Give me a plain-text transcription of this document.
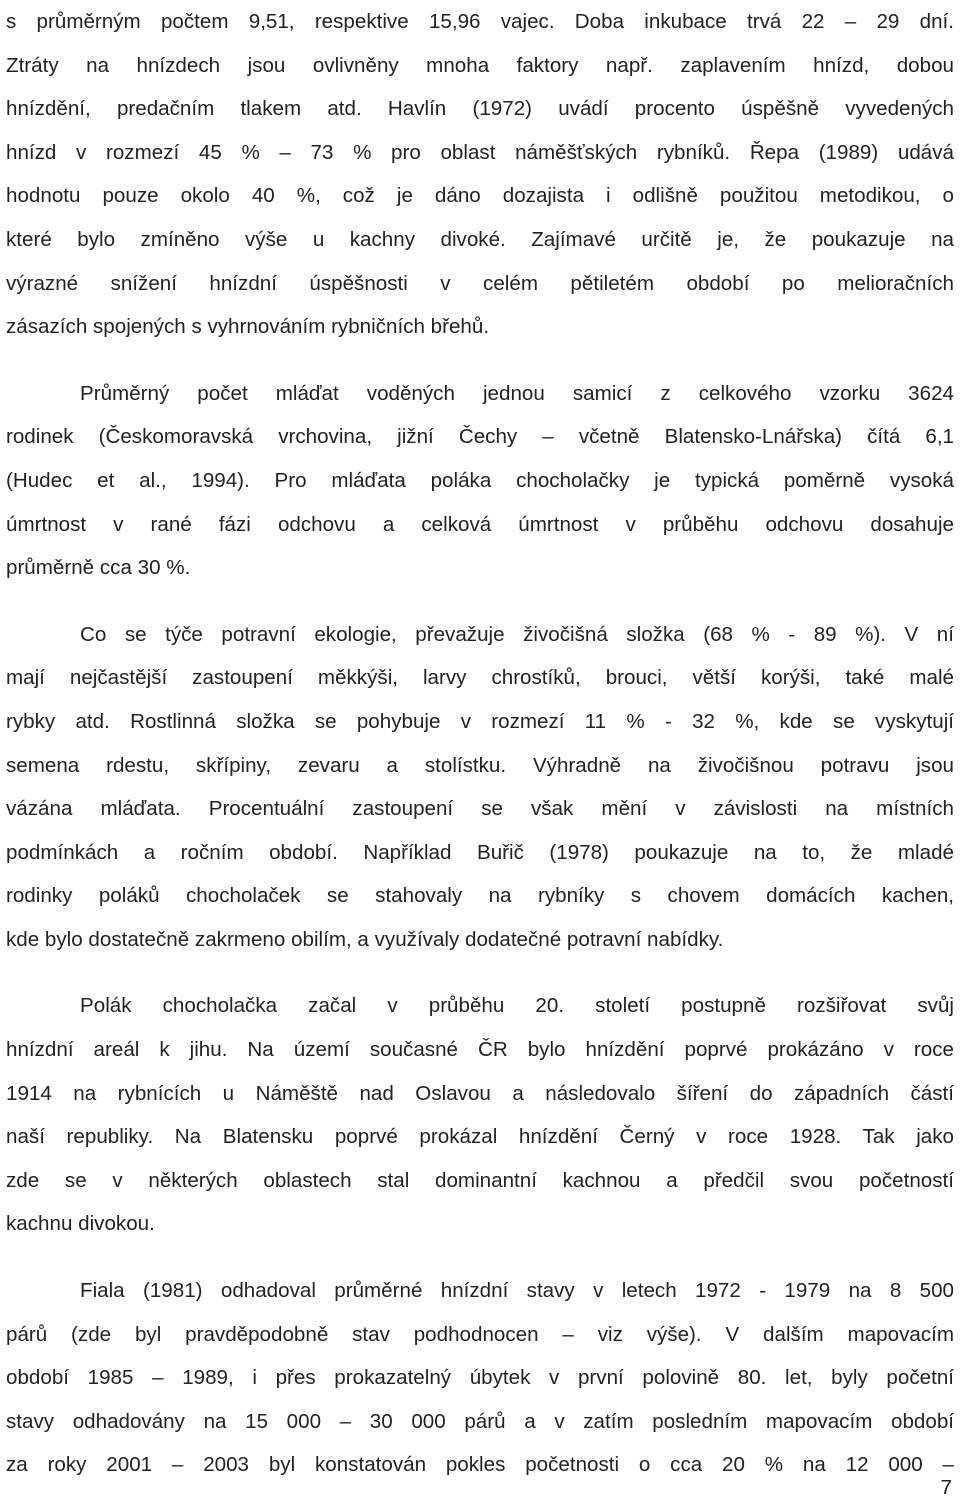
s průměrným počtem 9,51, respektive 15,96 vajec. Doba inkubace trvá 22 – 29 dní.
Ztráty na hnízdech jsou ovlivněny mnoha faktory např. zaplavením hnízd, dobou
hnízdění, predačním tlakem atd. Havlín (1972) uvádí procento úspěšně vyvedených
hnízd v rozmezí 45 % – 73 % pro oblast náměšťských rybníků. Řepa (1989) udává
hodnotu pouze okolo 40 %, což je dáno dozajista i odlišně použitou metodikou, o
které bylo zmíněno výše u kachny divoké. Zajímavé určitě je, že poukazuje na
výrazné snížení hnízdní úspěšnosti v celém pětiletém období po melioračních
zásazích spojených s vyhrnováním rybničních břehů.
Průměrný počet mláďat voděných jednou samicí z celkového vzorku 3624
rodinek (Českomoravská vrchovina, jižní Čechy – včetně Blatensko-Lnářska) čítá 6,1
(Hudec et al., 1994). Pro mláďata poláka chocholačky je typická poměrně vysoká
úmrtnost v rané fázi odchovu a celková úmrtnost v průběhu odchovu dosahuje
průměrně cca 30 %.
Co se týče potravní ekologie, převažuje živočišná složka (68 % - 89 %). V ní
mají nejčastější zastoupení měkkýši, larvy chrostíků, brouci, větší korýši, také malé
rybky atd. Rostlinná složka se pohybuje v rozmezí 11 % - 32 %, kde se vyskytují
semena rdestu, skřípiny, zevaru a stolístku. Výhradně na živočišnou potravu jsou
vázána mláďata. Procentuální zastoupení se však mění v závislosti na místních
podmínkách a ročním období. Například Buřič (1978) poukazuje na to, že mladé
rodinky poláků chocholaček se stahovaly na rybníky s chovem domácích kachen,
kde bylo dostatečně zakrmeno obilím, a využívaly dodatečné potravní nabídky.
Polák chocholačka začal v průběhu 20. století postupně rozšiřovat svůj
hnízdní areál k jihu. Na území současné ČR bylo hnízdění poprvé prokázáno v roce
1914 na rybnících u Náměště nad Oslavou a následovalo šíření do západních částí
naší republiky. Na Blatensku poprvé prokázal hnízdění Černý v roce 1928. Tak jako
zde se v některých oblastech stal dominantní kachnou a předčil svou početností
kachnu divokou.
Fiala (1981) odhadoval průměrné hnízdní stavy v letech 1972 - 1979 na 8 500
párů (zde byl pravděpodobně stav podhodnocen – viz výše). V dalším mapovacím
období 1985 – 1989, i přes prokazatelný úbytek v první polovině 80. let, byly početní
stavy odhadovány na 15 000 – 30 000 párů a v zatím posledním mapovacím období
za roky 2001 – 2003 byl konstatován pokles početnosti o cca 20 % na 12 000 –
7
